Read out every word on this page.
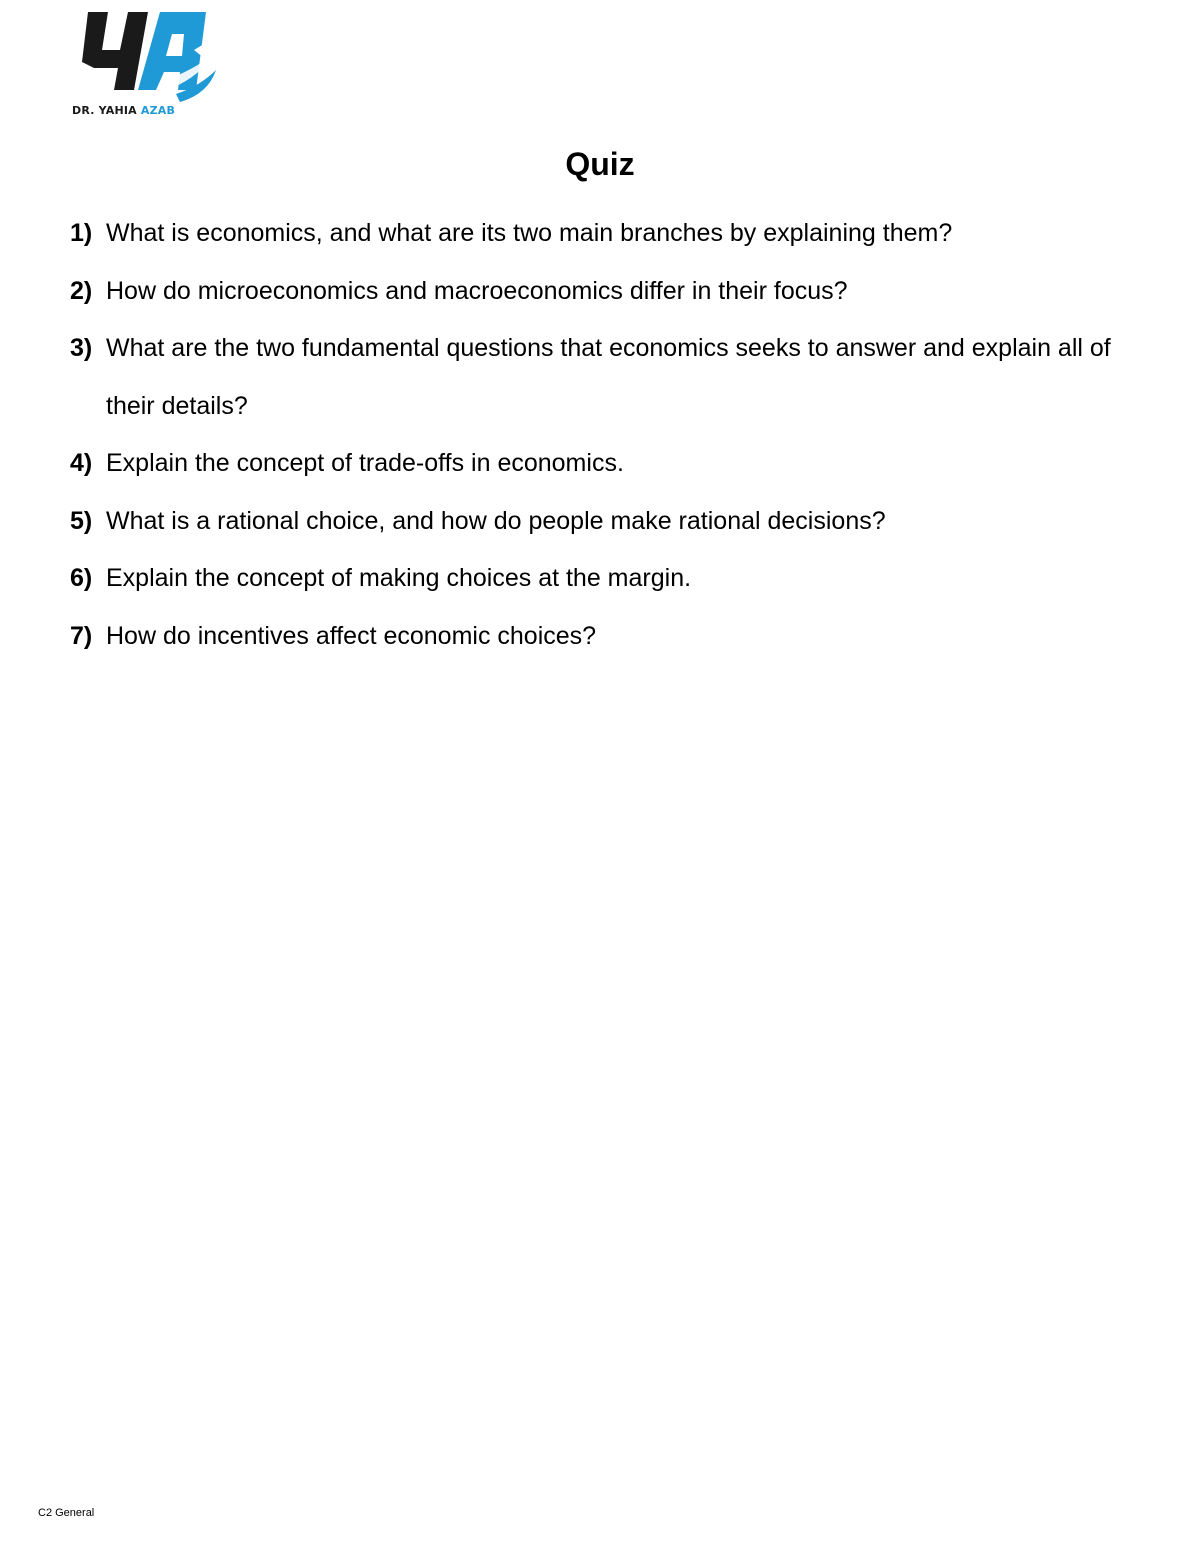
DR. YAHIA AZAB
Quiz
1) What is economics, and what are its two main branches by explaining them?
2) How do microeconomics and macroeconomics differ in their focus?
3) What are the two fundamental questions that economics seeks to answer and explain all of their details?
4) Explain the concept of trade-offs in economics.
5) What is a rational choice, and how do people make rational decisions?
6) Explain the concept of making choices at the margin.
7) How do incentives affect economic choices?
C2 General
